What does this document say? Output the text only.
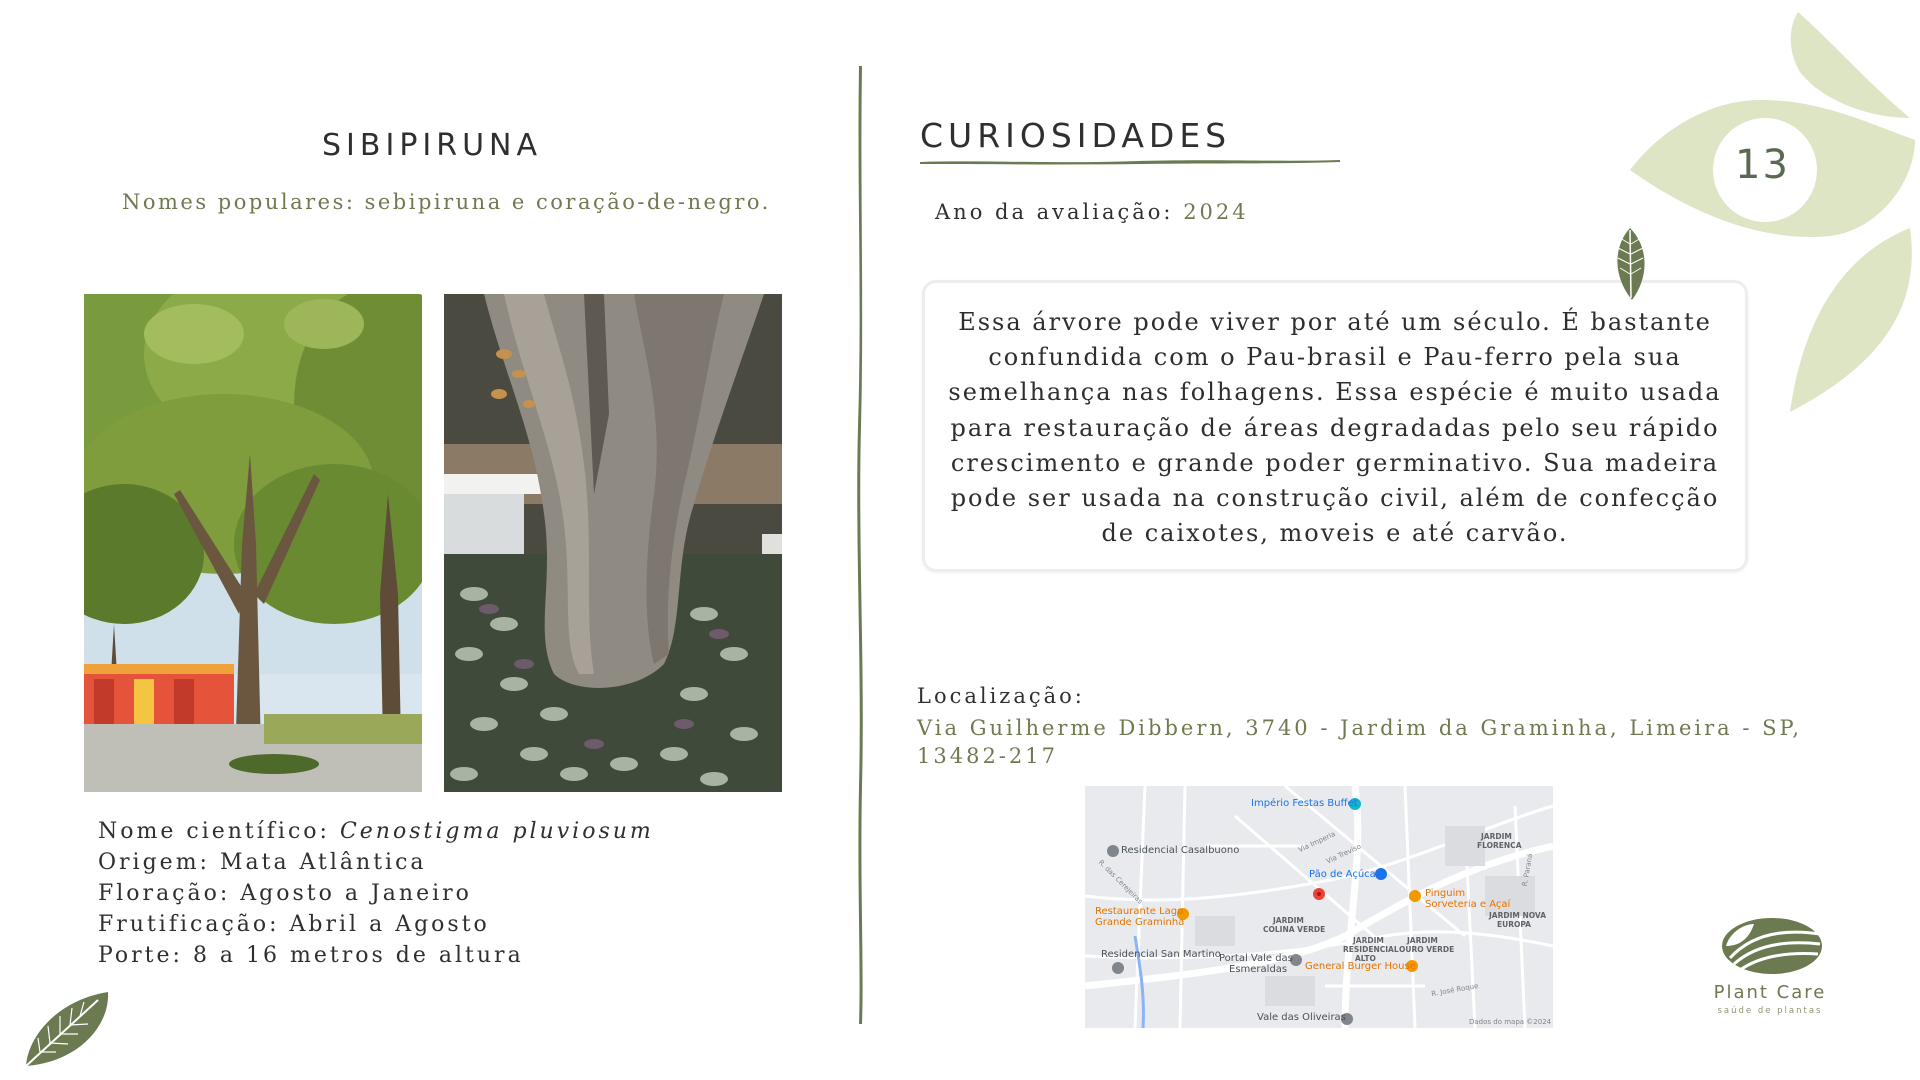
13
SIBIPIRUNA
Nomes populares: sebipiruna e coração-de-negro.
Nome científico: Cenostigma pluviosum
Origem: Mata Atlântica
Floração: Agosto a Janeiro
Frutificação: Abril a Agosto
Porte: 8 a 16 metros de altura
CURIOSIDADES
Ano da avaliação: 2024
Essa árvore pode viver por até um século. É bastante confundida com o Pau-brasil e Pau-ferro pela sua semelhança nas folhagens. Essa espécie é muito usada para restauração de áreas degradadas pelo seu rápido crescimento e grande poder germinativo. Sua madeira pode ser usada na construção civil, além de confecção de caixotes, moveis e até carvão.
Localização:
Via Guilherme Dibbern, 3740 - Jardim da Graminha, Limeira - SP, 13482-217
Império Festas Buffet
Residencial Casalbuono
Pão de Açúcar
Restaurante Lago
Grande Graminha
Pinguim
Sorveteria e Açaí
JARDIM
COLINA VERDE
JARDIM
FLORENCA
JARDIM NOVA
EUROPA
JARDIM
RESIDENCIAL
ALTO
JARDIM
OURO VERDE
Residencial San Martino
Portal Vale das
Esmeraldas General Burger House
Vale das Oliveiras	Dados do mapa ©2024
R. das Cerejeiras
Via Imperia
Via Treviso	R. Paraná
R. José Roque	Plant Care
saúde de plantas
